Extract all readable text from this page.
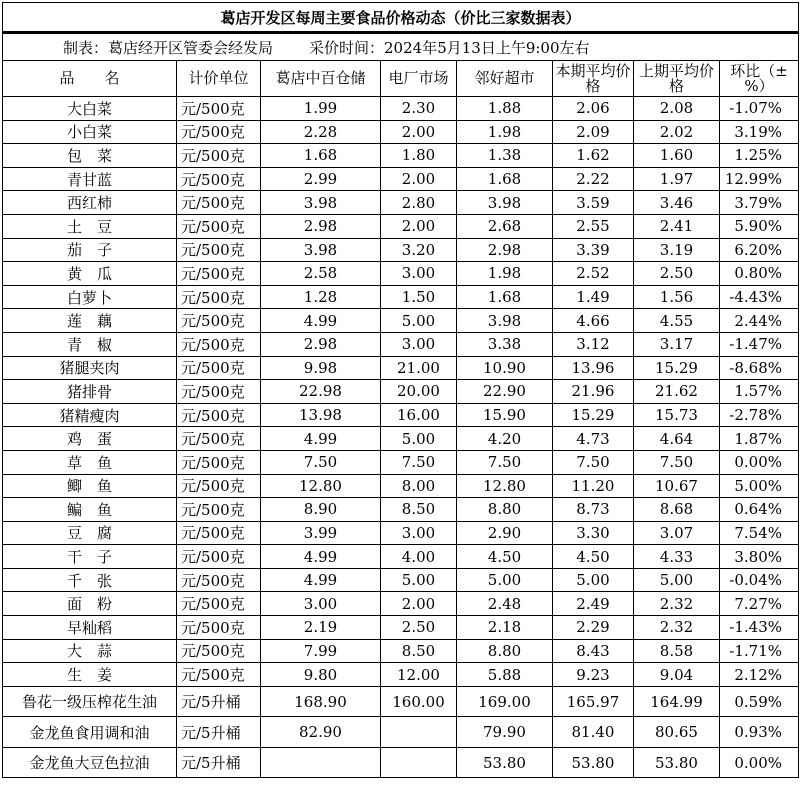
葛店开发区每周主要食品价格动态（价比三家数据表）							
制表：葛店经开区管委会经发局 采价时间：2024年5月13日上午9:00左右							
品　　名	计价单位	葛店中百仓储	电厂市场	邻好超市	本期平均价格	上期平均价格	环比（±%）
大白菜	元/500克	1.99	2.30	1.88	2.06	2.08	-1.07%
小白菜	元/500克	2.28	2.00	1.98	2.09	2.02	3.19%
包　菜	元/500克	1.68	1.80	1.38	1.62	1.60	1.25%
青甘蓝	元/500克	2.99	2.00	1.68	2.22	1.97	12.99%
西红柿	元/500克	3.98	2.80	3.98	3.59	3.46	3.79%
土　豆	元/500克	2.98	2.00	2.68	2.55	2.41	5.90%
茄　子	元/500克	3.98	3.20	2.98	3.39	3.19	6.20%
黄　瓜	元/500克	2.58	3.00	1.98	2.52	2.50	0.80%
白萝卜	元/500克	1.28	1.50	1.68	1.49	1.56	-4.43%
莲　藕	元/500克	4.99	5.00	3.98	4.66	4.55	2.44%
青　椒	元/500克	2.98	3.00	3.38	3.12	3.17	-1.47%
猪腿夹肉	元/500克	9.98	21.00	10.90	13.96	15.29	-8.68%
猪排骨	元/500克	22.98	20.00	22.90	21.96	21.62	1.57%
猪精瘦肉	元/500克	13.98	16.00	15.90	15.29	15.73	-2.78%
鸡　蛋	元/500克	4.99	5.00	4.20	4.73	4.64	1.87%
草　鱼	元/500克	7.50	7.50	7.50	7.50	7.50	0.00%
鲫　鱼	元/500克	12.80	8.00	12.80	11.20	10.67	5.00%
鳊　鱼	元/500克	8.90	8.50	8.80	8.73	8.68	0.64%
豆　腐	元/500克	3.99	3.00	2.90	3.30	3.07	7.54%
干　子	元/500克	4.99	4.00	4.50	4.50	4.33	3.80%
千　张	元/500克	4.99	5.00	5.00	5.00	5.00	-0.04%
面　粉	元/500克	3.00	2.00	2.48	2.49	2.32	7.27%
早籼稻	元/500克	2.19	2.50	2.18	2.29	2.32	-1.43%
大　蒜	元/500克	7.99	8.50	8.80	8.43	8.58	-1.71%
生　姜	元/500克	9.80	12.00	5.88	9.23	9.04	2.12%
鲁花一级压榨花生油	元/5升桶	168.90	160.00	169.00	165.97	164.99	0.59%
金龙鱼食用调和油	元/5升桶	82.90		79.90	81.40	80.65	0.93%
金龙鱼大豆色拉油	元/5升桶			53.80	53.80	53.80	0.00%
